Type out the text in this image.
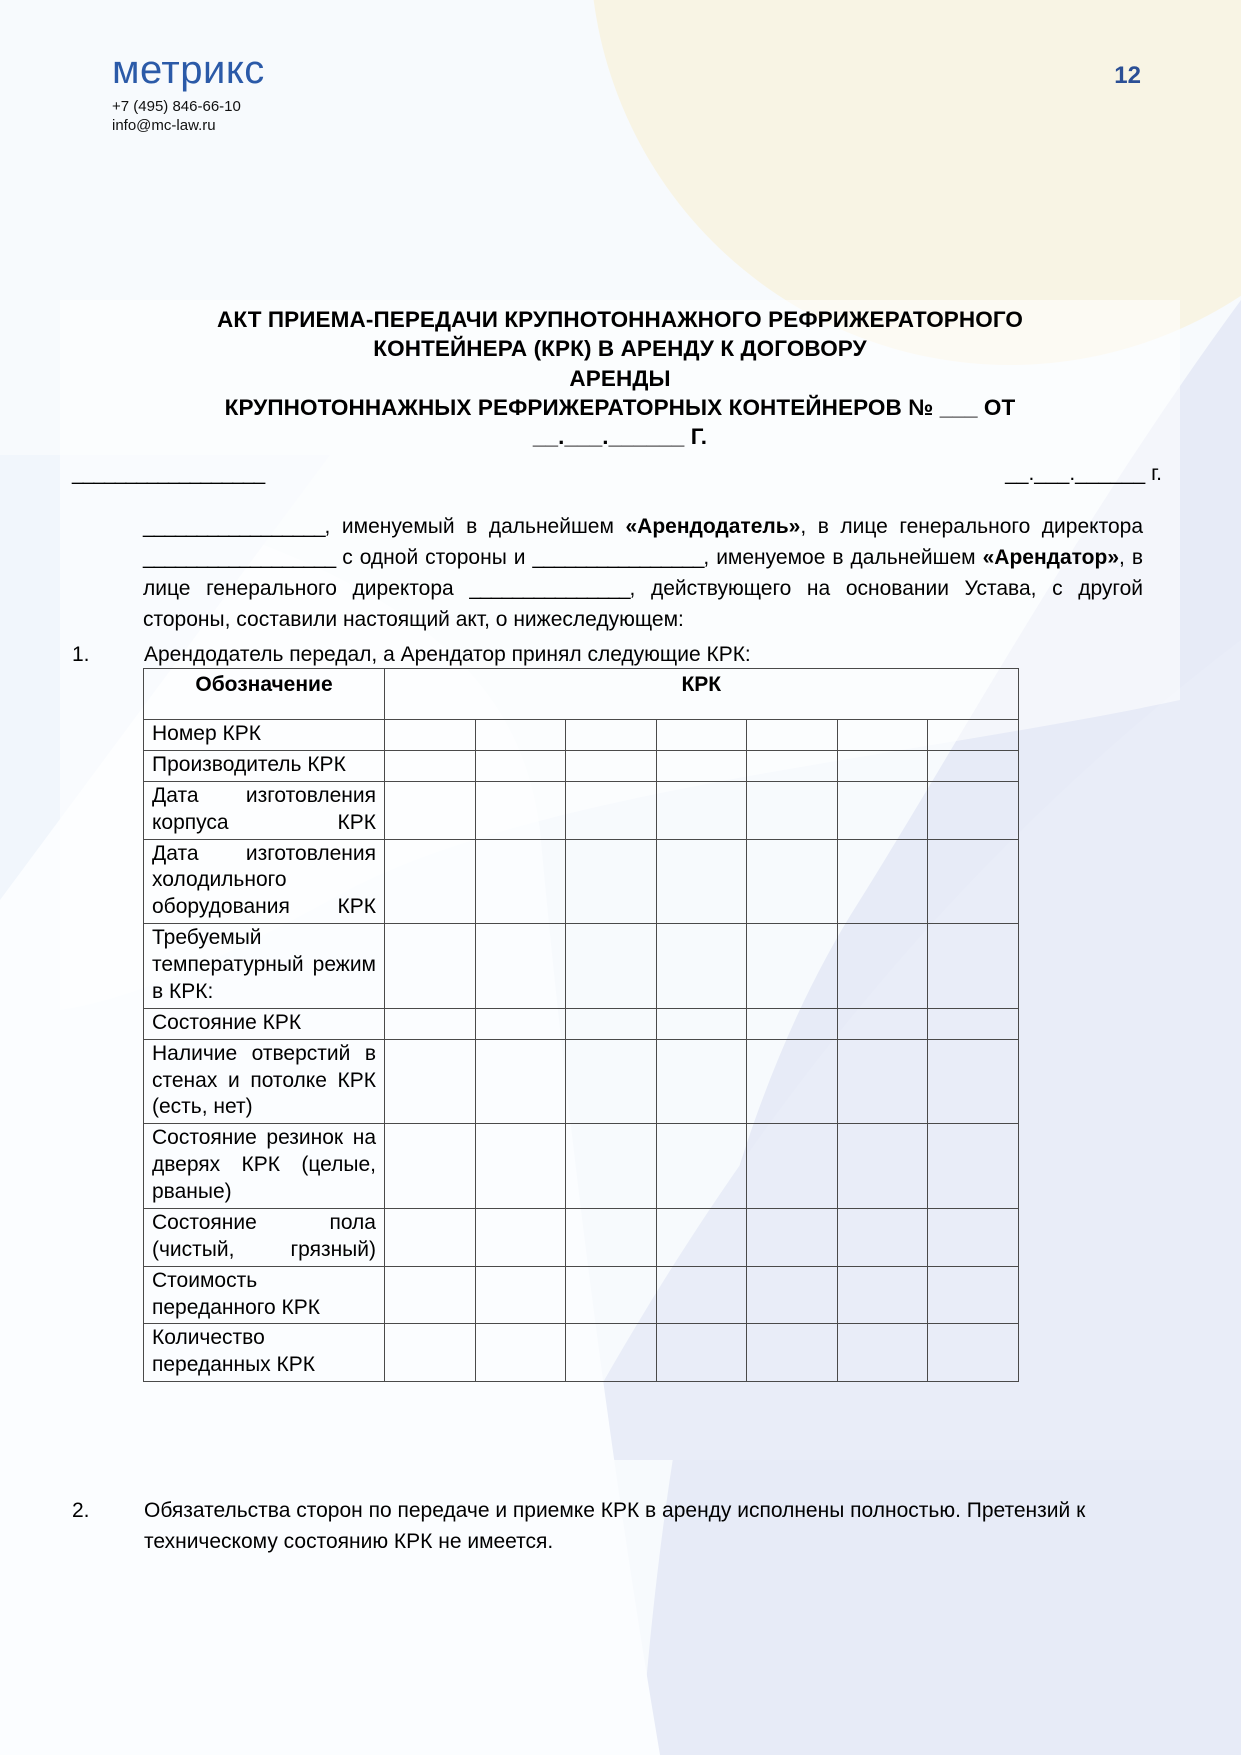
метрикс
+7 (495) 846-66-10
info@mc-law.ru
12
АКТ ПРИЕМА-ПЕРЕДАЧИ КРУПНОТОННАЖНОГО РЕФРИЖЕРАТОРНОГО
КОНТЕЙНЕРА (КРК) В АРЕНДУ К ДОГОВОРУ
АРЕНДЫ
КРУПНОТОННАЖНЫХ РЕФРИЖЕРАТОРНЫХ КОНТЕЙНЕРОВ № ___ ОТ
__.___.______ Г.
__________________	__.___.______ г.
_________________, именуемый в дальнейшем «Арендодатель», в лице генерального директора __________________ с одной стороны и ________________, именуемое в дальнейшем «Арендатор», в лице генерального директора _______________, действующего на основании Устава, с другой стороны, составили настоящий акт, о нижеследующем:
1.	Арендодатель передал, а Арендатор принял следующие КРК:
Обозначение	КРК						
Номер КРК							
Производитель КРК							
Дата изготовления корпуса КРК							
Дата изготовления холодильного оборудования КРК							
Требуемый температурный режим в КРК:							
Состояние КРК							
Наличие отверстий в стенах и потолке КРК (есть, нет)							
Состояние резинок на дверях КРК (целые, рваные)							
Состояние пола (чистый, грязный)							
Стоимость переданного КРК							
Количество переданных КРК							
2.	Обязательства сторон по передаче и приемке КРК в аренду исполнены полностью. Претензий к техническому состоянию КРК не имеется.
